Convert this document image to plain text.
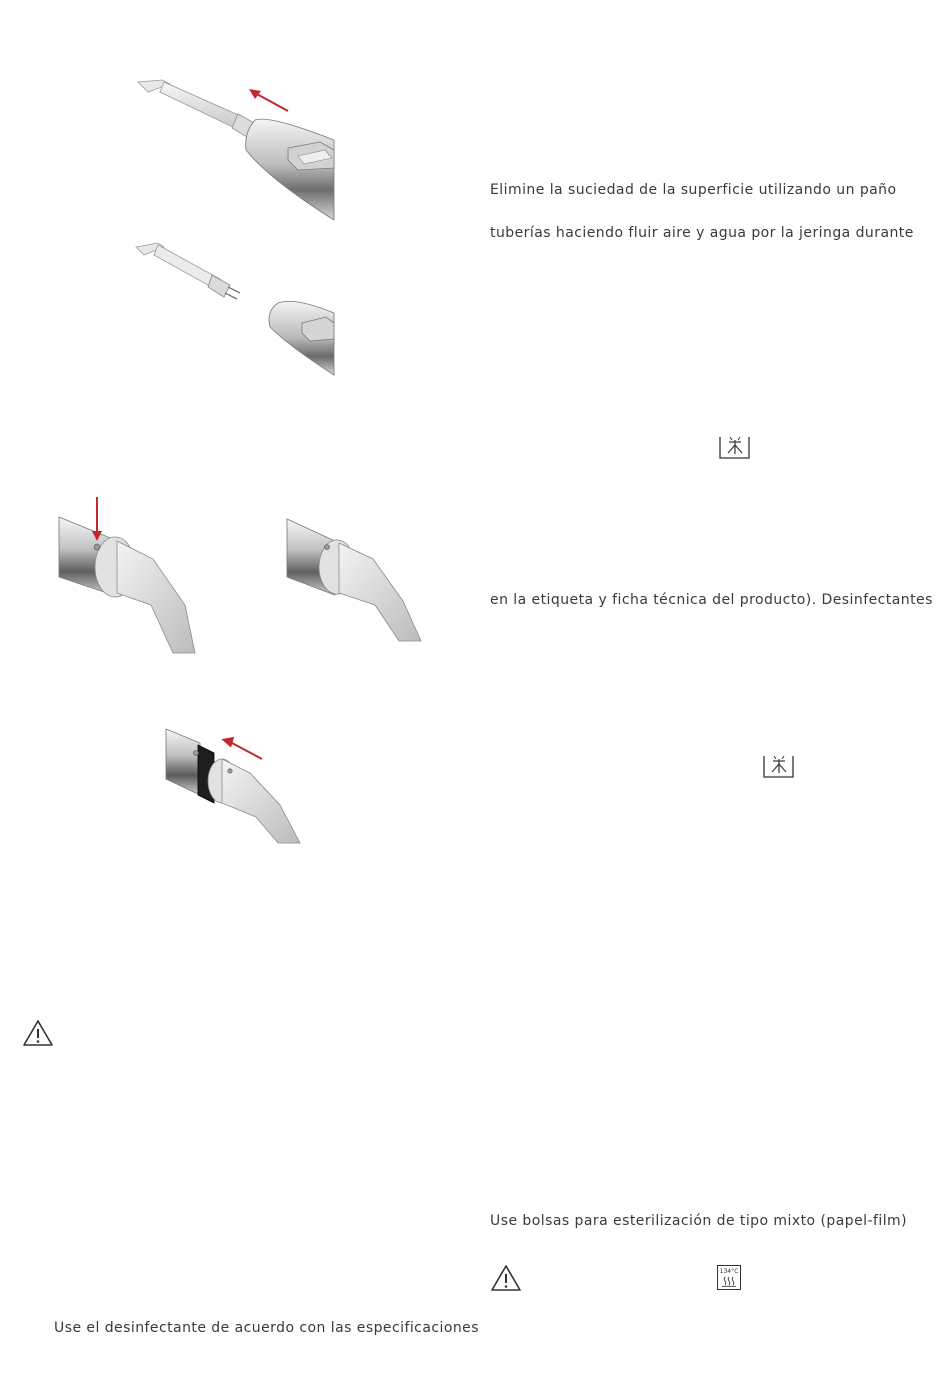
Elimine la suciedad de la superficie utilizando un paño
tuberías haciendo fluir aire y agua por la jeringa durante
en la etiqueta y ficha técnica del producto). Desinfectantes
Use bolsas para esterilización de tipo mixto (papel-film)
134°C
Use el desinfectante de acuerdo con las especificaciones
